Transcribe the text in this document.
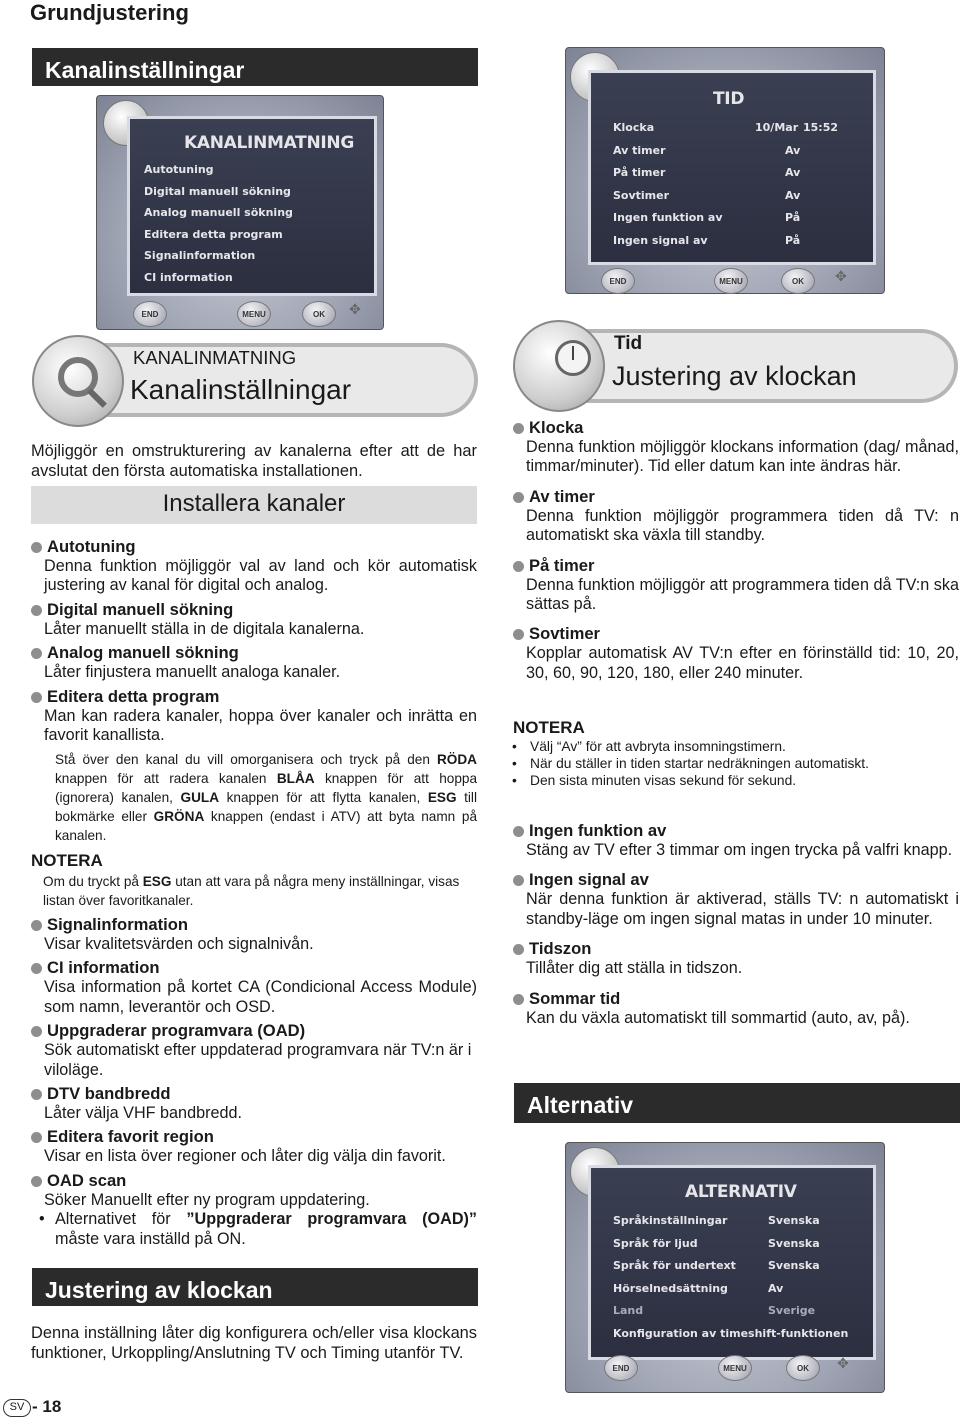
Grundjustering
Kanalinställningar
KANALINMATNING
Autotuning
Digital manuell sökning
Analog manuell sökning
Editera detta program
Signalinformation
CI information
END	MENU	OK	✥
KANALINMATNING
Kanalinställningar
Möjliggör en omstrukturering av kanalerna efter att de har avslutat den första automatiska installationen.
Installera kanaler
Autotuning
Denna funktion möjliggör val av land och kör automatisk justering av kanal för digital och analog.
Digital manuell sökning
Låter manuellt ställa in de digitala kanalerna.
Analog manuell sökning
Låter finjustera manuellt analoga kanaler.
Editera detta program
Man kan radera kanaler, hoppa över kanaler och inrätta en favorit kanallista.
Stå över den kanal du vill omorganisera och tryck på den RÖDA knappen för att radera kanalen BLÅA knappen för att hoppa (ignorera) kanalen, GULA knappen för att flytta kanalen, ESG till bokmärke eller GRÖNA knappen (endast i ATV) att byta namn på kanalen.
NOTERA
Om du tryckt på ESG utan att vara på några meny inställningar, visas listan över favoritkanaler.
Signalinformation
Visar kvalitetsvärden och signalnivån.
CI information
Visa information på kortet CA (Condicional Access Module) som namn, leverantör och OSD.
Uppgraderar programvara (OAD)
Sök automatiskt efter uppdaterad programvara när TV:n är i viloläge.
DTV bandbredd
Låter välja VHF bandbredd.
Editera favorit region
Visar en lista över regioner och låter dig välja din favorit.
OAD scan
Söker Manuellt efter ny program uppdatering.
• Alternativet för ”Uppgraderar programvara (OAD)” måste vara inställd på ON.
Justering av klockan
Denna inställning låter dig konfigurera och/eller visa klockans funktioner, Urkoppling/Anslutning TV och Timing utanför TV.
SV - 18
TID
Klocka	10/Mar 15:52
Av timer	Av
På timer	Av
Sovtimer	Av
Ingen funktion av	På
Ingen signal av	På
END	MENU	OK	✥
Tid
Justering av klockan
Klocka
Denna funktion möjliggör klockans information (dag/ månad, timmar/minuter). Tid eller datum kan inte ändras här.
Av timer
Denna funktion möjliggör programmera tiden då TV: n automatiskt ska växla till standby.
På timer
Denna funktion möjliggör att programmera tiden då TV:n ska sättas på.
Sovtimer
Kopplar automatisk AV TV:n efter en förinställd tid: 10, 20, 30, 60, 90, 120, 180, eller 240 minuter.
NOTERA
• Välj “Av” för att avbryta insomningstimern.
• När du ställer in tiden startar nedräkningen automatiskt.
• Den sista minuten visas sekund för sekund.
Ingen funktion av
Stäng av TV efter 3 timmar om ingen trycka på valfri knapp.
Ingen signal av
När denna funktion är aktiverad, ställs TV: n automatiskt i standby-läge om ingen signal matas in under 10 minuter.
Tidszon
Tillåter dig att ställa in tidszon.
Sommar tid
Kan du växla automatiskt till sommartid (auto, av, på).
Alternativ
ALTERNATIV
Språkinställningar	Svenska
Språk för ljud	Svenska
Språk för undertext	Svenska
Hörselnedsättning	Av
Land	Sverige
Konfiguration av timeshift-funktionen
END	MENU	OK	✥
